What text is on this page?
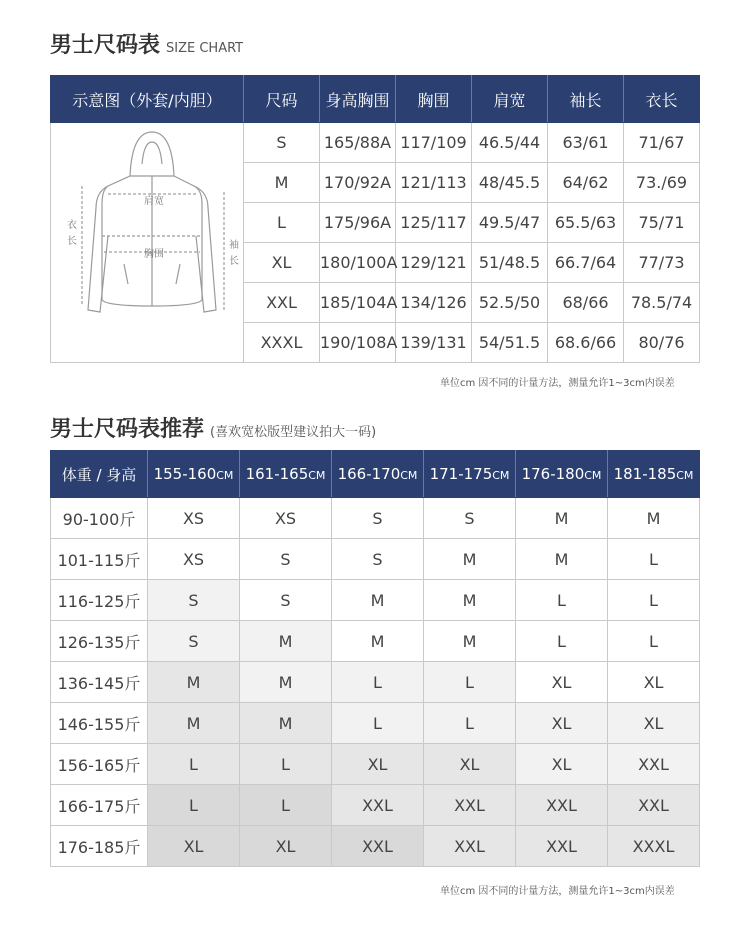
男士尺码表 SIZE CHART
示意图（外套/内胆）	尺码	身高胸围	胸围	肩宽	袖长	衣长

肩宽
胸围
衣长 袖长	S	165/88A	117/109	46.5/44	63/61	71/67
	M	170/92A	121/113	48/45.5	64/62	73./69
	L	175/96A	125/117	49.5/47	65.5/63	75/71
	XL	180/100A	129/121	51/48.5	66.7/64	77/73
	XXL	185/104A	134/126	52.5/50	68/66	78.5/74
	XXXL	190/108A	139/131	54/51.5	68.6/66	80/76
单位cm 因不同的计量方法，测量允许1~3cm内误差
男士尺码表推荐 (喜欢宽松版型建议拍大一码)
体重 / 身高	155-160CM	161-165CM	166-170CM	171-175CM	176-180CM	181-185CM
90-100斤	XS	XS	S	S	M	M
101-115斤	XS	S	S	M	M	L
116-125斤	S	S	M	M	L	L
126-135斤	S	M	M	M	L	L
136-145斤	M	M	L	L	XL	XL
146-155斤	M	M	L	L	XL	XL
156-165斤	L	L	XL	XL	XL	XXL
166-175斤	L	L	XXL	XXL	XXL	XXL
176-185斤	XL	XL	XXL	XXL	XXL	XXXL
单位cm 因不同的计量方法，测量允许1~3cm内误差
